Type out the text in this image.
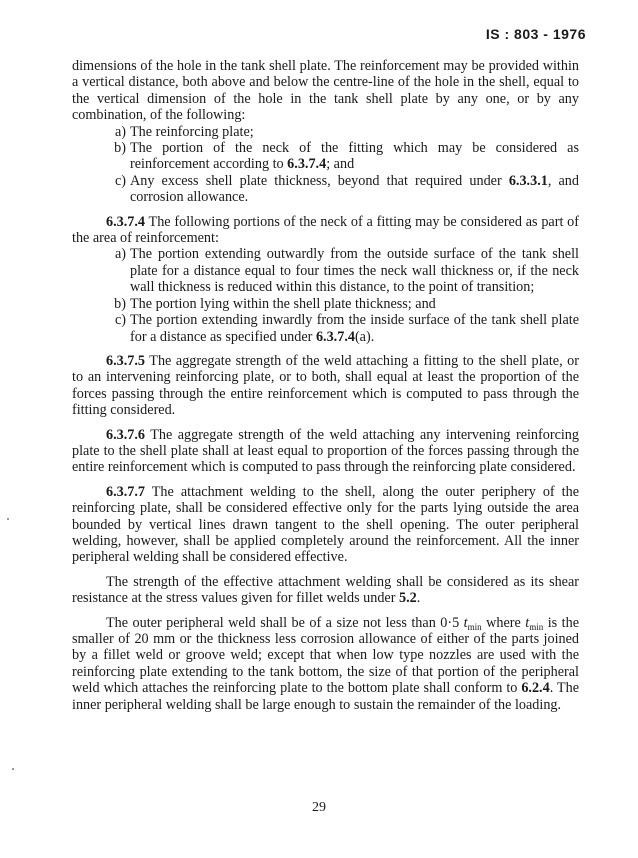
IS : 803 - 1976

dimensions of the hole in the tank shell plate. The reinforcement may be provided within a vertical distance, both above and below the centre-line of the hole in the shell, equal to the vertical dimension of the hole in the tank shell plate by any one, or by any combination, of the following:

a) The reinforcing plate;
b) The portion of the neck of the fitting which may be considered as reinforcement according to 6.3.7.4; and
c) Any excess shell plate thickness, beyond that required under 6.3.3.1, and corrosion allowance.

6.3.7.4 The following portions of the neck of a fitting may be considered as part of the area of reinforcement:

a) The portion extending outwardly from the outside surface of the tank shell plate for a distance equal to four times the neck wall thickness or, if the neck wall thickness is reduced within this distance, to the point of transition;
b) The portion lying within the shell plate thickness; and
c) The portion extending inwardly from the inside surface of the tank shell plate for a distance as specified under 6.3.7.4(a).

6.3.7.5 The aggregate strength of the weld attaching a fitting to the shell plate, or to an intervening reinforcing plate, or to both, shall equal at least the proportion of the forces passing through the entire reinforcement which is computed to pass through the fitting considered.

6.3.7.6 The aggregate strength of the weld attaching any intervening reinforcing plate to the shell plate shall at least equal to proportion of the forces passing through the entire reinforcement which is computed to pass through the reinforcing plate considered.

6.3.7.7 The attachment welding to the shell, along the outer periphery of the reinforcing plate, shall be considered effective only for the parts lying outside the area bounded by vertical lines drawn tangent to the shell opening. The outer peripheral welding, however, shall be applied completely around the reinforcement. All the inner peripheral welding shall be considered effective.

The strength of the effective attachment welding shall be considered as its shear resistance at the stress values given for fillet welds under 5.2.

The outer peripheral weld shall be of a size not less than 0·5 $t_{min}$ where $t_{min}$ is the smaller of 20 mm or the thickness less corrosion allowance of either of the parts joined by a fillet weld or groove weld; except that when low type nozzles are used with the reinforcing plate extending to the tank bottom, the size of that portion of the peripheral weld which attaches the reinforcing plate to the bottom plate shall conform to 6.2.4. The inner peripheral welding shall be large enough to sustain the remainder of the loading.

29
